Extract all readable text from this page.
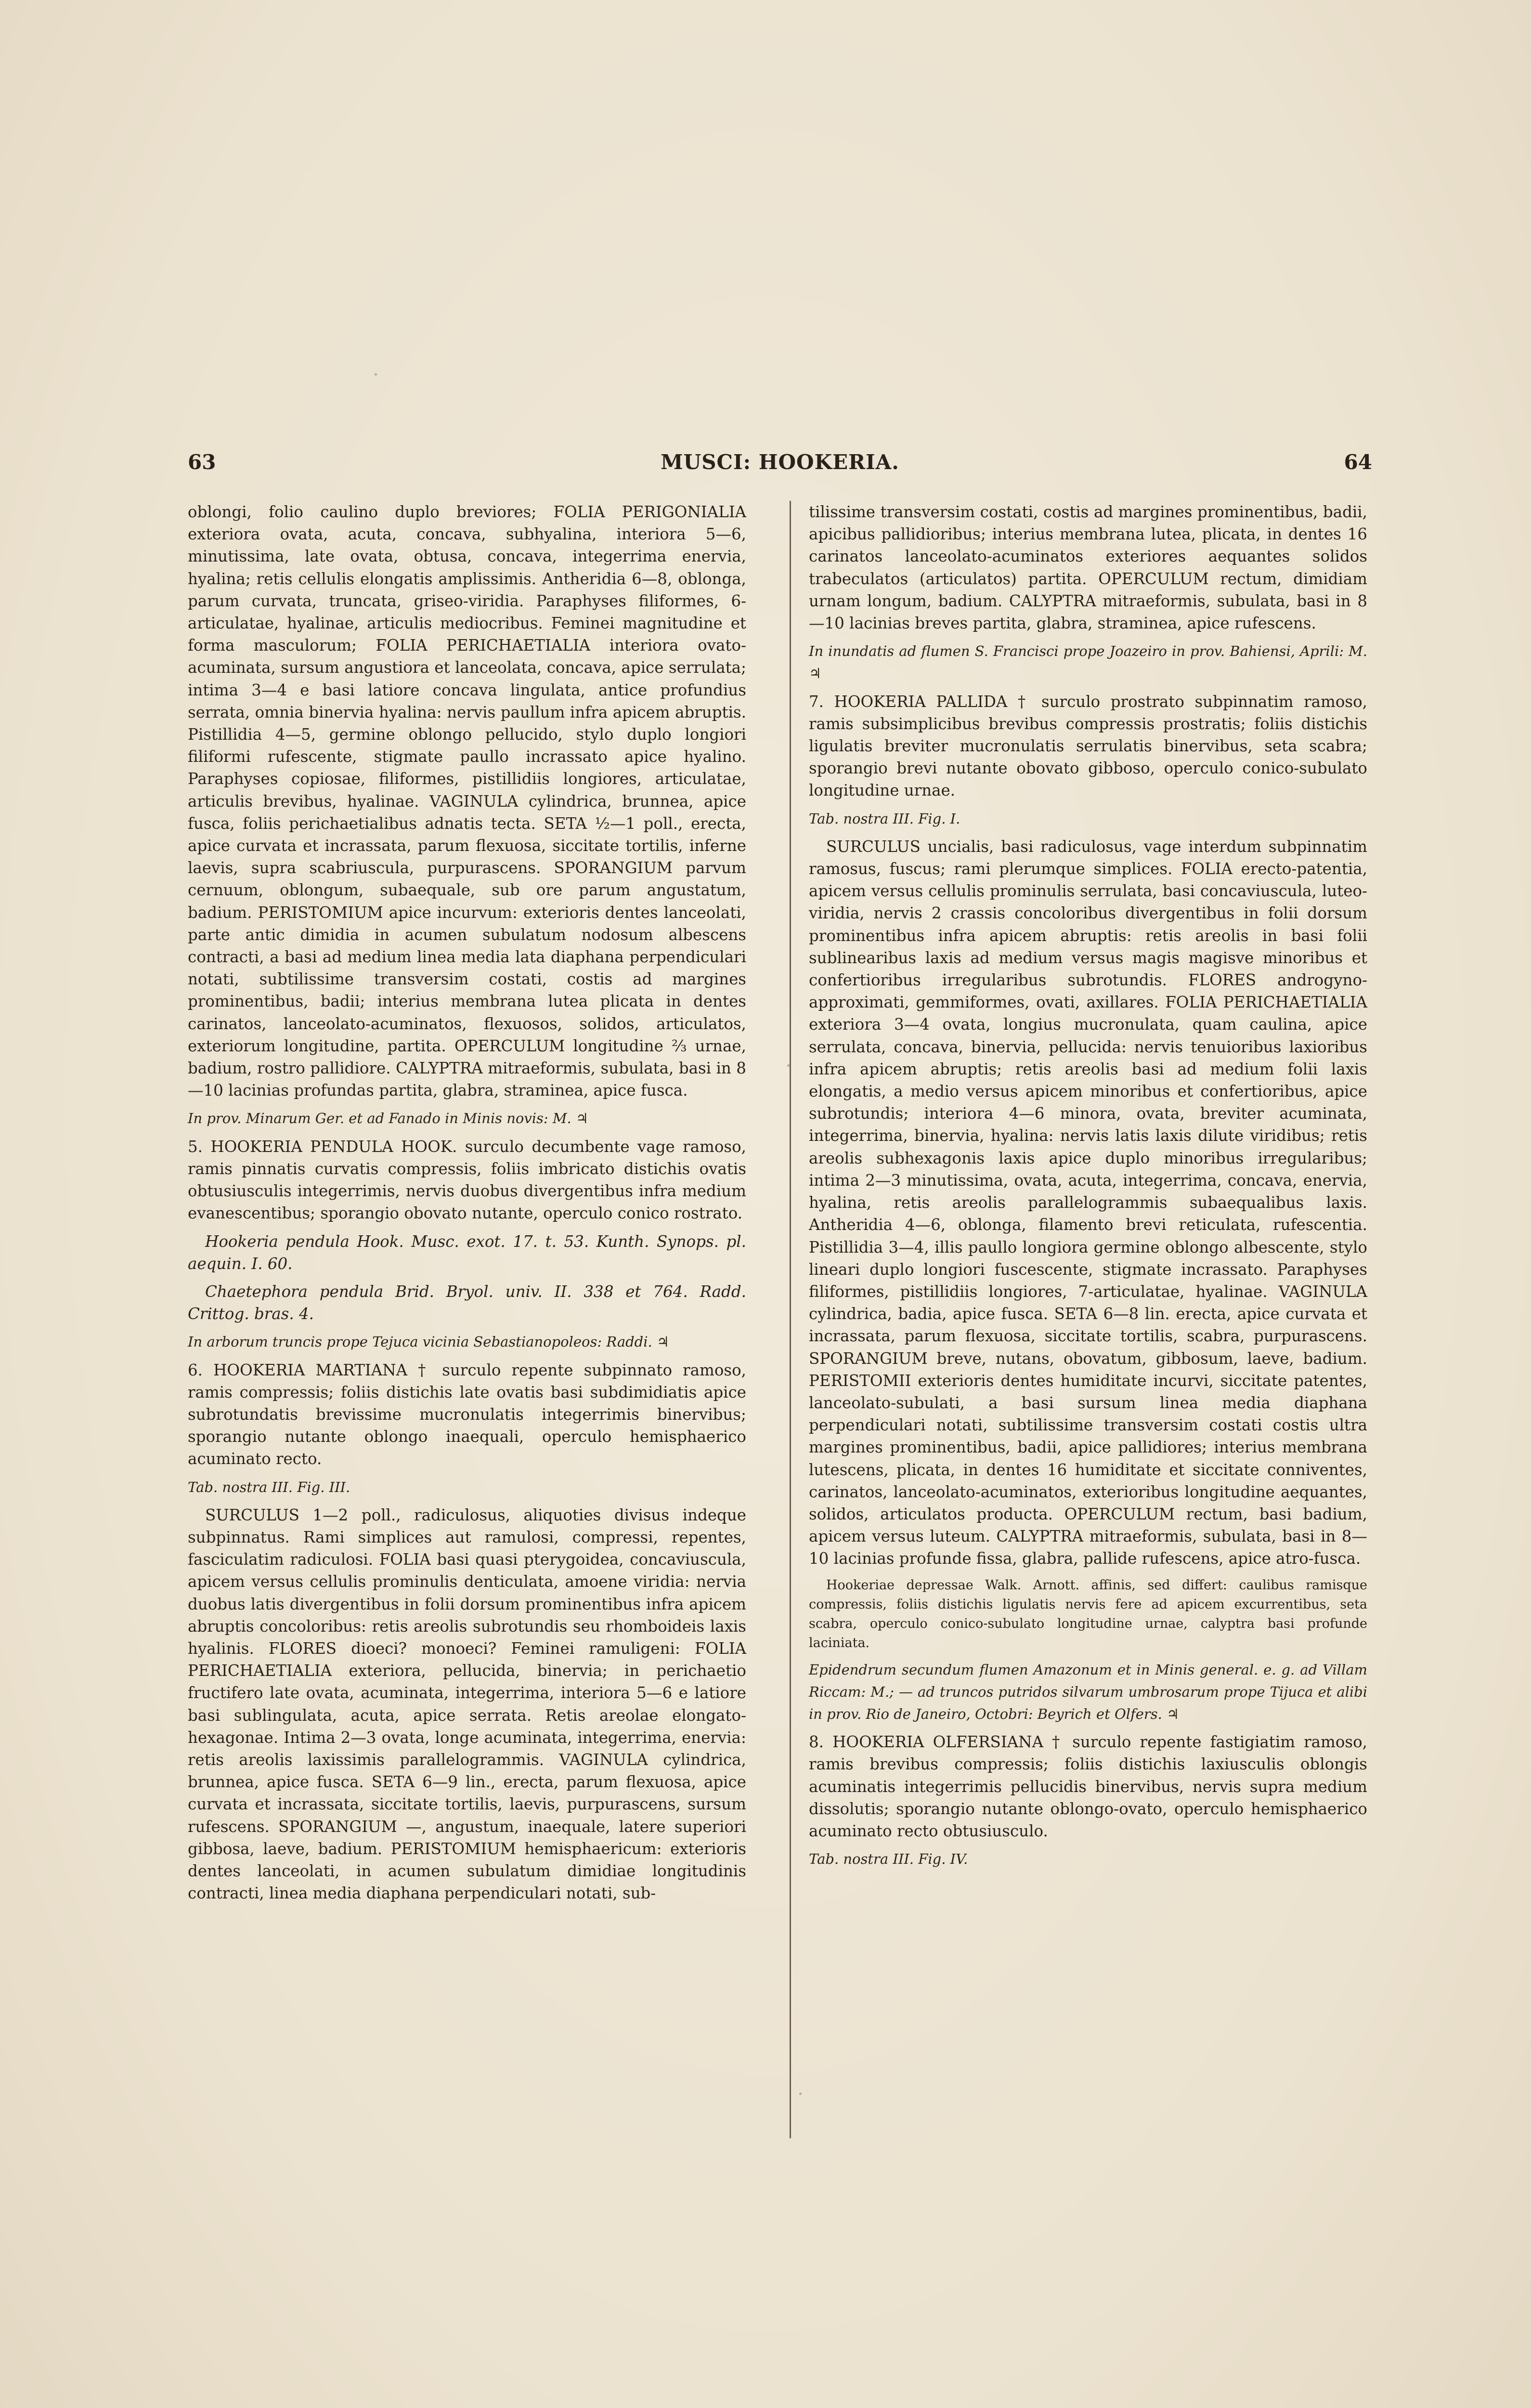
63	MUSCI: HOOKERIA.	64

oblongi, folio caulino duplo breviores; FOLIA PERIGONIALIA exteriora ovata, acuta, concava, subhyalina, interiora 5—6, minutissima, late ovata, obtusa, concava, integerrima enervia, hyalina; retis cellulis elongatis amplissimis. Antheridia 6—8, oblonga, parum curvata, truncata, griseo-viridia. Paraphyses filiformes, 6-articulatae, hyalinae, articulis mediocribus. Feminei magnitudine et forma masculorum; FOLIA PERICHAETIALIA interiora ovato-acuminata, sursum angustiora et lanceolata, concava, apice serrulata; intima 3—4 e basi latiore concava lingulata, antice profundius serrata, omnia binervia hyalina: nervis paullum infra apicem abruptis. Pistillidia 4—5, germine oblongo pellucido, stylo duplo longiori filiformi rufescente, stigmate paullo incrassato apice hyalino. Paraphyses copiosae, filiformes, pistillidiis longiores, articulatae, articulis brevibus, hyalinae. VAGINULA cylindrica, brunnea, apice fusca, foliis perichaetialibus adnatis tecta. SETA ½—1 poll., erecta, apice curvata et incrassata, parum flexuosa, siccitate tortilis, inferne laevis, supra scabriuscula, purpurascens. SPORANGIUM parvum cernuum, oblongum, subaequale, sub ore parum angustatum, badium. PERISTOMIUM apice incurvum: exterioris dentes lanceolati, parte antic dimidia in acumen subulatum nodosum albescens contracti, a basi ad medium linea media lata diaphana perpendiculari notati, subtilissime transversim costati, costis ad margines prominentibus, badii; interius membrana lutea plicata in dentes carinatos, lanceolato-acuminatos, flexuosos, solidos, articulatos, exteriorum longitudine, partita. OPERCULUM longitudine ⅔ urnae, badium, rostro pallidiore. CALYPTRA mitraeformis, subulata, basi in 8—10 lacinias profundas partita, glabra, straminea, apice fusca.

In prov. Minarum Ger. et ad Fanado in Minis novis: M. ♃

5. HOOKERIA PENDULA HOOK. surculo decumbente vage ramoso, ramis pinnatis curvatis compressis, foliis imbricato distichis ovatis obtusiusculis integerrimis, nervis duobus divergentibus infra medium evanescentibus; sporangio obovato nutante, operculo conico rostrato.

Hookeria pendula Hook. Musc. exot. 17. t. 53. Kunth. Synops. pl. aequin. I. 60.

Chaetephora pendula Brid. Bryol. univ. II. 338 et 764. Radd. Crittog. bras. 4.

In arborum truncis prope Tejuca vicinia Sebastianopoleos: Raddi. ♃

6. HOOKERIA MARTIANA † surculo repente subpinnato ramoso, ramis compressis; foliis distichis late ovatis basi subdimidiatis apice subrotundatis brevissime mucronulatis integerrimis binervibus; sporangio nutante oblongo inaequali, operculo hemisphaerico acuminato recto.

Tab. nostra III. Fig. III.

SURCULUS 1—2 poll., radiculosus, aliquoties divisus indeque subpinnatus. Rami simplices aut ramulosi, compressi, repentes, fasciculatim radiculosi. FOLIA basi quasi pterygoidea, concaviuscula, apicem versus cellulis prominulis denticulata, amoene viridia: nervia duobus latis divergentibus in folii dorsum prominentibus infra apicem abruptis concoloribus: retis areolis subrotundis seu rhomboideis laxis hyalinis. FLORES dioeci? monoeci? Feminei ramuligeni: FOLIA PERICHAETIALIA exteriora, pellucida, binervia; in perichaetio fructifero late ovata, acuminata, integerrima, interiora 5—6 e latiore basi sublingulata, acuta, apice serrata. Retis areolae elongato-hexagonae. Intima 2—3 ovata, longe acuminata, integerrima, enervia: retis areolis laxissimis parallelogrammis. VAGINULA cylindrica, brunnea, apice fusca. SETA 6—9 lin., erecta, parum flexuosa, apice curvata et incrassata, siccitate tortilis, laevis, purpurascens, sursum rufescens. SPORANGIUM —, angustum, inaequale, latere superiori gibbosa, laeve, badium. PERISTOMIUM hemisphaericum: exterioris dentes lanceolati, in acumen subulatum dimidiae longitudinis contracti, linea media diaphana perpendiculari notati, sub-

tilissime transversim costati, costis ad margines prominentibus, badii, apicibus pallidioribus; interius membrana lutea, plicata, in dentes 16 carinatos lanceolato-acuminatos exteriores aequantes solidos trabeculatos (articulatos) partita. OPERCULUM rectum, dimidiam urnam longum, badium. CALYPTRA mitraeformis, subulata, basi in 8—10 lacinias breves partita, glabra, straminea, apice rufescens.

In inundatis ad flumen S. Francisci prope Joazeiro in prov. Bahiensi, Aprili: M. ♃

7. HOOKERIA PALLIDA † surculo prostrato subpinnatim ramoso, ramis subsimplicibus brevibus compressis prostratis; foliis distichis ligulatis breviter mucronulatis serrulatis binervibus, seta scabra; sporangio brevi nutante obovato gibboso, operculo conico-subulato longitudine urnae.

Tab. nostra III. Fig. I.

SURCULUS uncialis, basi radiculosus, vage interdum subpinnatim ramosus, fuscus; rami plerumque simplices. FOLIA erecto-patentia, apicem versus cellulis prominulis serrulata, basi concaviuscula, luteo-viridia, nervis 2 crassis concoloribus divergentibus in folii dorsum prominentibus infra apicem abruptis: retis areolis in basi folii sublinearibus laxis ad medium versus magis magisve minoribus et confertioribus irregularibus subrotundis. FLORES androgyno-approximati, gemmiformes, ovati, axillares. FOLIA PERICHAETIALIA exteriora 3—4 ovata, longius mucronulata, quam caulina, apice serrulata, concava, binervia, pellucida: nervis tenuioribus laxioribus infra apicem abruptis; retis areolis basi ad medium folii laxis elongatis, a medio versus apicem minoribus et confertioribus, apice subrotundis; interiora 4—6 minora, ovata, breviter acuminata, integerrima, binervia, hyalina: nervis latis laxis dilute viridibus; retis areolis subhexagonis laxis apice duplo minoribus irregularibus; intima 2—3 minutissima, ovata, acuta, integerrima, concava, enervia, hyalina, retis areolis parallelogrammis subaequalibus laxis. Antheridia 4—6, oblonga, filamento brevi reticulata, rufescentia. Pistillidia 3—4, illis paullo longiora germine oblongo albescente, stylo lineari duplo longiori fuscescente, stigmate incrassato. Paraphyses filiformes, pistillidiis longiores, 7-articulatae, hyalinae. VAGINULA cylindrica, badia, apice fusca. SETA 6—8 lin. erecta, apice curvata et incrassata, parum flexuosa, siccitate tortilis, scabra, purpurascens. SPORANGIUM breve, nutans, obovatum, gibbosum, laeve, badium. PERISTOMII exterioris dentes humiditate incurvi, siccitate patentes, lanceolato-subulati, a basi sursum linea media diaphana perpendiculari notati, subtilissime transversim costati costis ultra margines prominentibus, badii, apice pallidiores; interius membrana lutescens, plicata, in dentes 16 humiditate et siccitate conniventes, carinatos, lanceolato-acuminatos, exterioribus longitudine aequantes, solidos, articulatos producta. OPERCULUM rectum, basi badium, apicem versus luteum. CALYPTRA mitraeformis, subulata, basi in 8—10 lacinias profunde fissa, glabra, pallide rufescens, apice atro-fusca.

Hookeriae depressae Walk. Arnott. affinis, sed differt: caulibus ramisque compressis, foliis distichis ligulatis nervis fere ad apicem excurrentibus, seta scabra, operculo conico-subulato longitudine urnae, calyptra basi profunde laciniata.

Epidendrum secundum flumen Amazonum et in Minis general. e. g. ad Villam Riccam: M.; — ad truncos putridos silvarum umbrosarum prope Tijuca et alibi in prov. Rio de Janeiro, Octobri: Beyrich et Olfers. ♃

8. HOOKERIA OLFERSIANA † surculo repente fastigiatim ramoso, ramis brevibus compressis; foliis distichis laxiusculis oblongis acuminatis integerrimis pellucidis binervibus, nervis supra medium dissolutis; sporangio nutante oblongo-ovato, operculo hemisphaerico acuminato recto obtusiusculo.

Tab. nostra III. Fig. IV.
